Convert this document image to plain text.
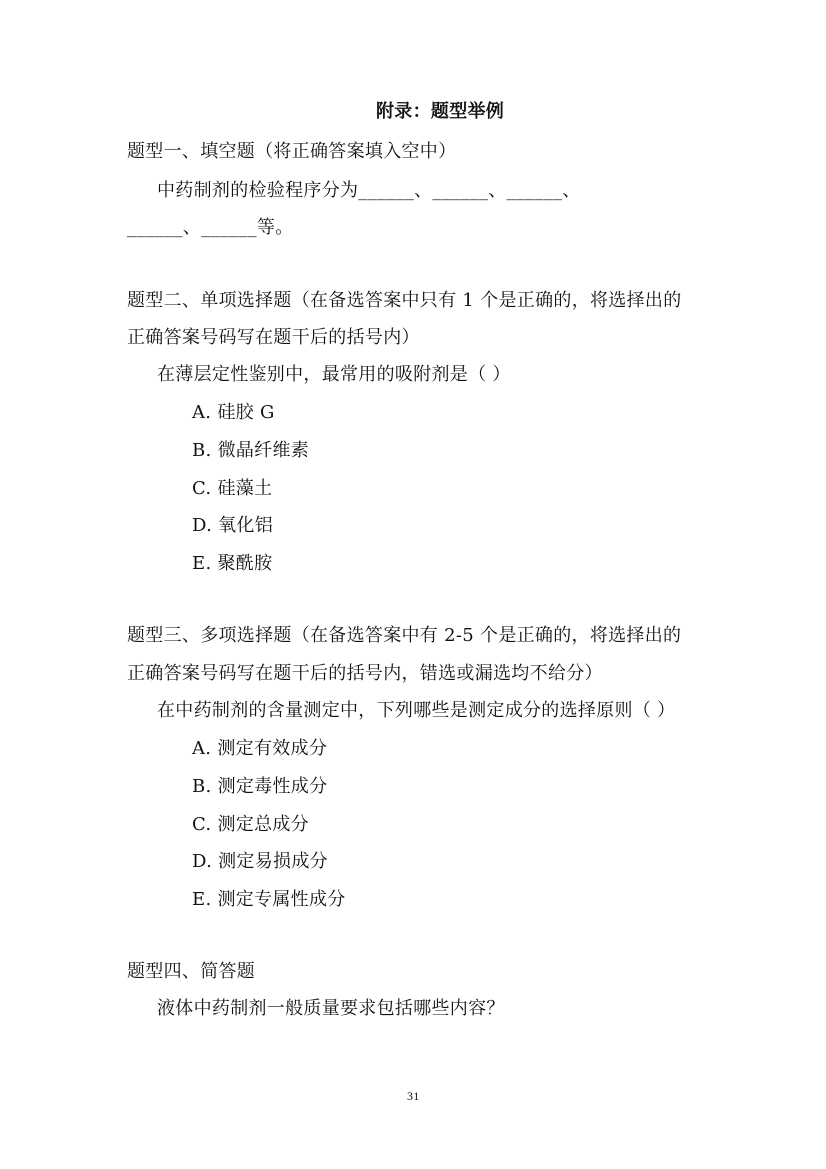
附录：题型举例
题型一、填空题（将正确答案填入空中）
中药制剂的检验程序分为______、______、______、
______、______等。
题型二、单项选择题（在备选答案中只有 1 个是正确的，将选择出的
正确答案号码写在题干后的括号内）
在薄层定性鉴别中，最常用的吸附剂是（ ）
A. 硅胶 G
B. 微晶纤维素
C. 硅藻土
D. 氧化铝
E. 聚酰胺
题型三、多项选择题（在备选答案中有 2-5 个是正确的，将选择出的
正确答案号码写在题干后的括号内，错选或漏选均不给分）
在中药制剂的含量测定中，下列哪些是测定成分的选择原则（ ）
A. 测定有效成分
B. 测定毒性成分
C. 测定总成分
D. 测定易损成分
E. 测定专属性成分
题型四、简答题
液体中药制剂一般质量要求包括哪些内容？
31
